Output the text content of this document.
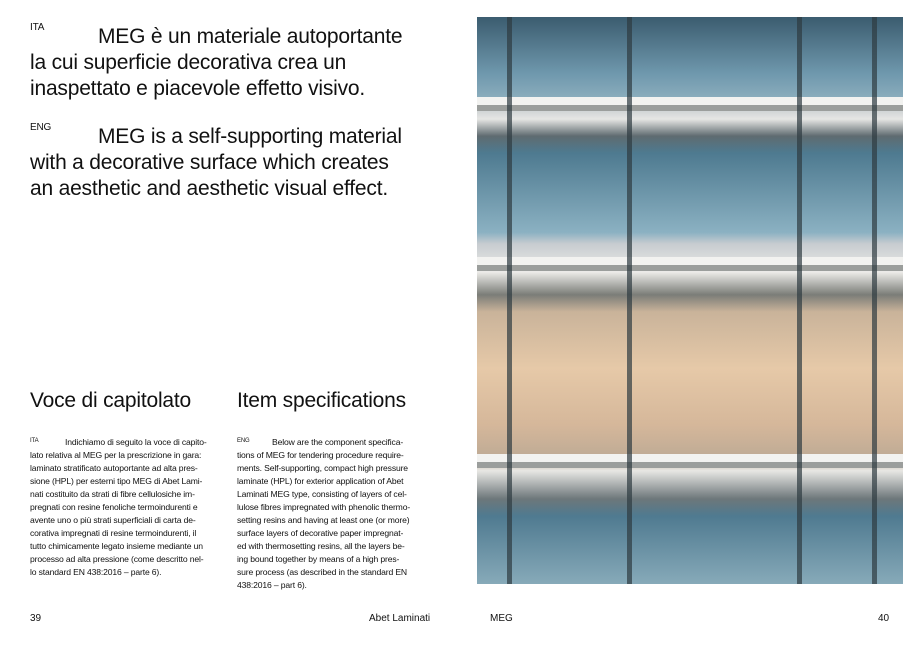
ITA	MEG è un materiale autoportante
la cui superficie decorativa crea un
inaspettato e piacevole effetto visivo.
ENG	MEG is a self-supporting material
with a decorative surface which creates
an aesthetic and aesthetic visual effect.
Voce di capitolato Item specifications
ITA	Indichiamo di seguito la voce di capito-
lato relativa al MEG per la prescrizione in gara:
laminato stratificato autoportante ad alta pres-
sione (HPL) per esterni tipo MEG di Abet Lami-
nati costituito da strati di fibre cellulosiche im-
pregnati con resine fenoliche termoindurenti e
avente uno o più strati superficiali di carta de-
corativa impregnati di resine termoindurenti, il
tutto chimicamente legato insieme mediante un
processo ad alta pressione (come descritto nel-
lo standard EN 438:2016 – parte 6).
ENG	Below are the component specifica-
tions of MEG for tendering procedure require-
ments. Self-supporting, compact high pressure
laminate (HPL) for exterior application of Abet
Laminati MEG type, consisting of layers of cel-
lulose fibres impregnated with phenolic thermo-
setting resins and having at least one (or more)
surface layers of decorative paper impregnat-
ed with thermosetting resins, all the layers be-
ing bound together by means of a high pres-
sure process (as described in the standard EN
438:2016 – part 6).
39	Abet Laminati	MEG	40
